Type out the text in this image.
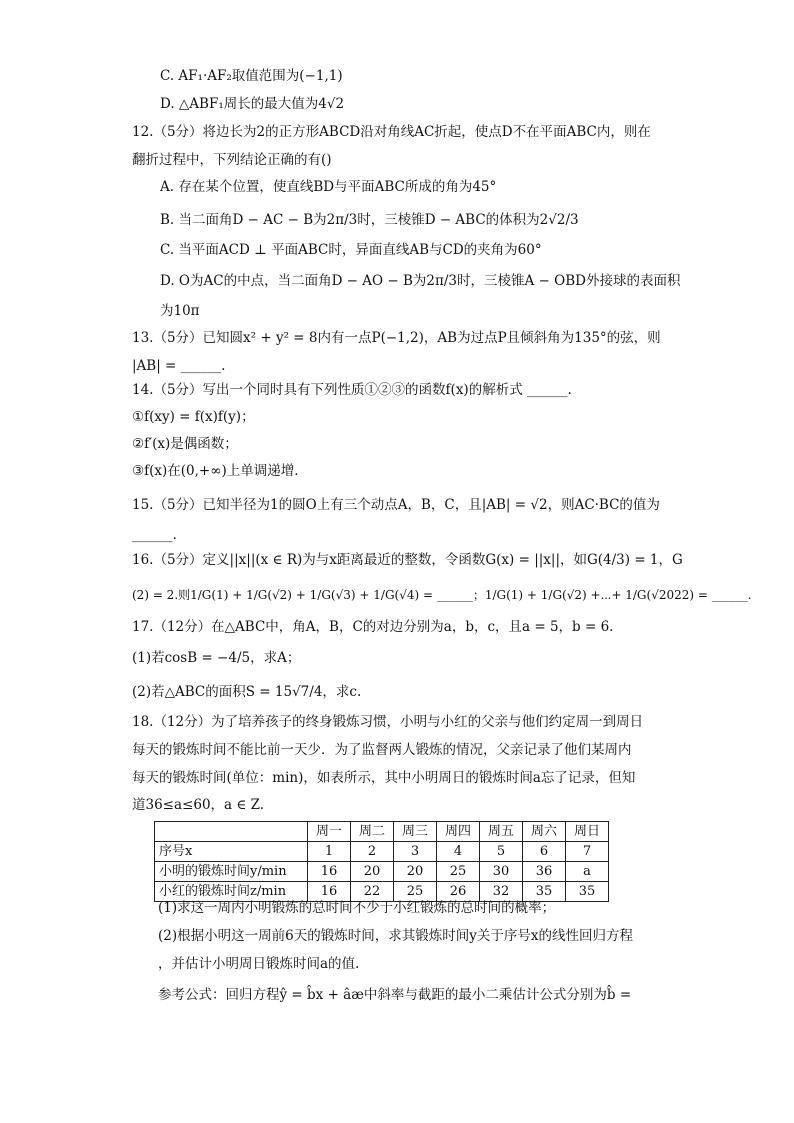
C. AF₁·AF₂取值范围为(−1,1)
D. △ABF₁周长的最大值为4√2
12.（5分）将边长为2的正方形ABCD沿对角线AC折起，使点D不在平面ABC内，则在
翻折过程中，下列结论正确的有()
A. 存在某个位置，使直线BD与平面ABC所成的角为45°
B. 当二面角D − AC − B为2π/3时，三棱锥D − ABC的体积为2√2/3
C. 当平面ACD ⊥ 平面ABC时，异面直线AB与CD的夹角为60°
D. O为AC的中点，当二面角D − AO − B为2π/3时，三棱锥A − OBD外接球的表面积
为10π
13.（5分）已知圆x² + y² = 8内有一点P(−1,2)，AB为过点P且倾斜角为135°的弦，则
|AB| = ______.
14.（5分）写出一个同时具有下列性质①②③的函数f(x)的解析式 ______.
①f(xy) = f(x)f(y)；
②f′(x)是偶函数；
③f(x)在(0,+∞)上单调递增.
15.（5分）已知半径为1的圆O上有三个动点A，B，C，且|AB| = √2，则AC·BC的值为
______.
16.（5分）定义||x||(x ∈ R)为与x距离最近的整数，令函数G(x) = ||x||，如G(4/3) = 1，G
(2) = 2.则1/G(1) + 1/G(√2) + 1/G(√3) + 1/G(√4) = ______；1/G(1) + 1/G(√2) +⋯+ 1/G(√2022) = ______.
17.（12分）在△ABC中，角A，B，C的对边分别为a，b，c，且a = 5，b = 6.
(1)若cosB = −4/5，求A；
(2)若△ABC的面积S = 15√7/4，求c.
18.（12分）为了培养孩子的终身锻炼习惯，小明与小红的父亲与他们约定周一到周日
每天的锻炼时间不能比前一天少．为了监督两人锻炼的情况，父亲记录了他们某周内
每天的锻炼时间(单位：min)，如表所示，其中小明周日的锻炼时间a忘了记录，但知
道36≤a≤60，a ∈ Z.
	周一	周二	周三	周四	周五	周六	周日
序号x	1	2	3	4	5	6	7
小明的锻炼时间y/min	16	20	20	25	30	36	a
小红的锻炼时间z/min	16	22	25	26	32	35	35
(1)求这一周内小明锻炼的总时间不少于小红锻炼的总时间的概率；
(2)根据小明这一周前6天的锻炼时间，求其锻炼时间y关于序号x的线性回归方程
，并估计小明周日锻炼时间a的值.
参考公式：回归方程ŷ = b̂x + âæ中斜率与截距的最小二乘估计公式分别为b̂ =
